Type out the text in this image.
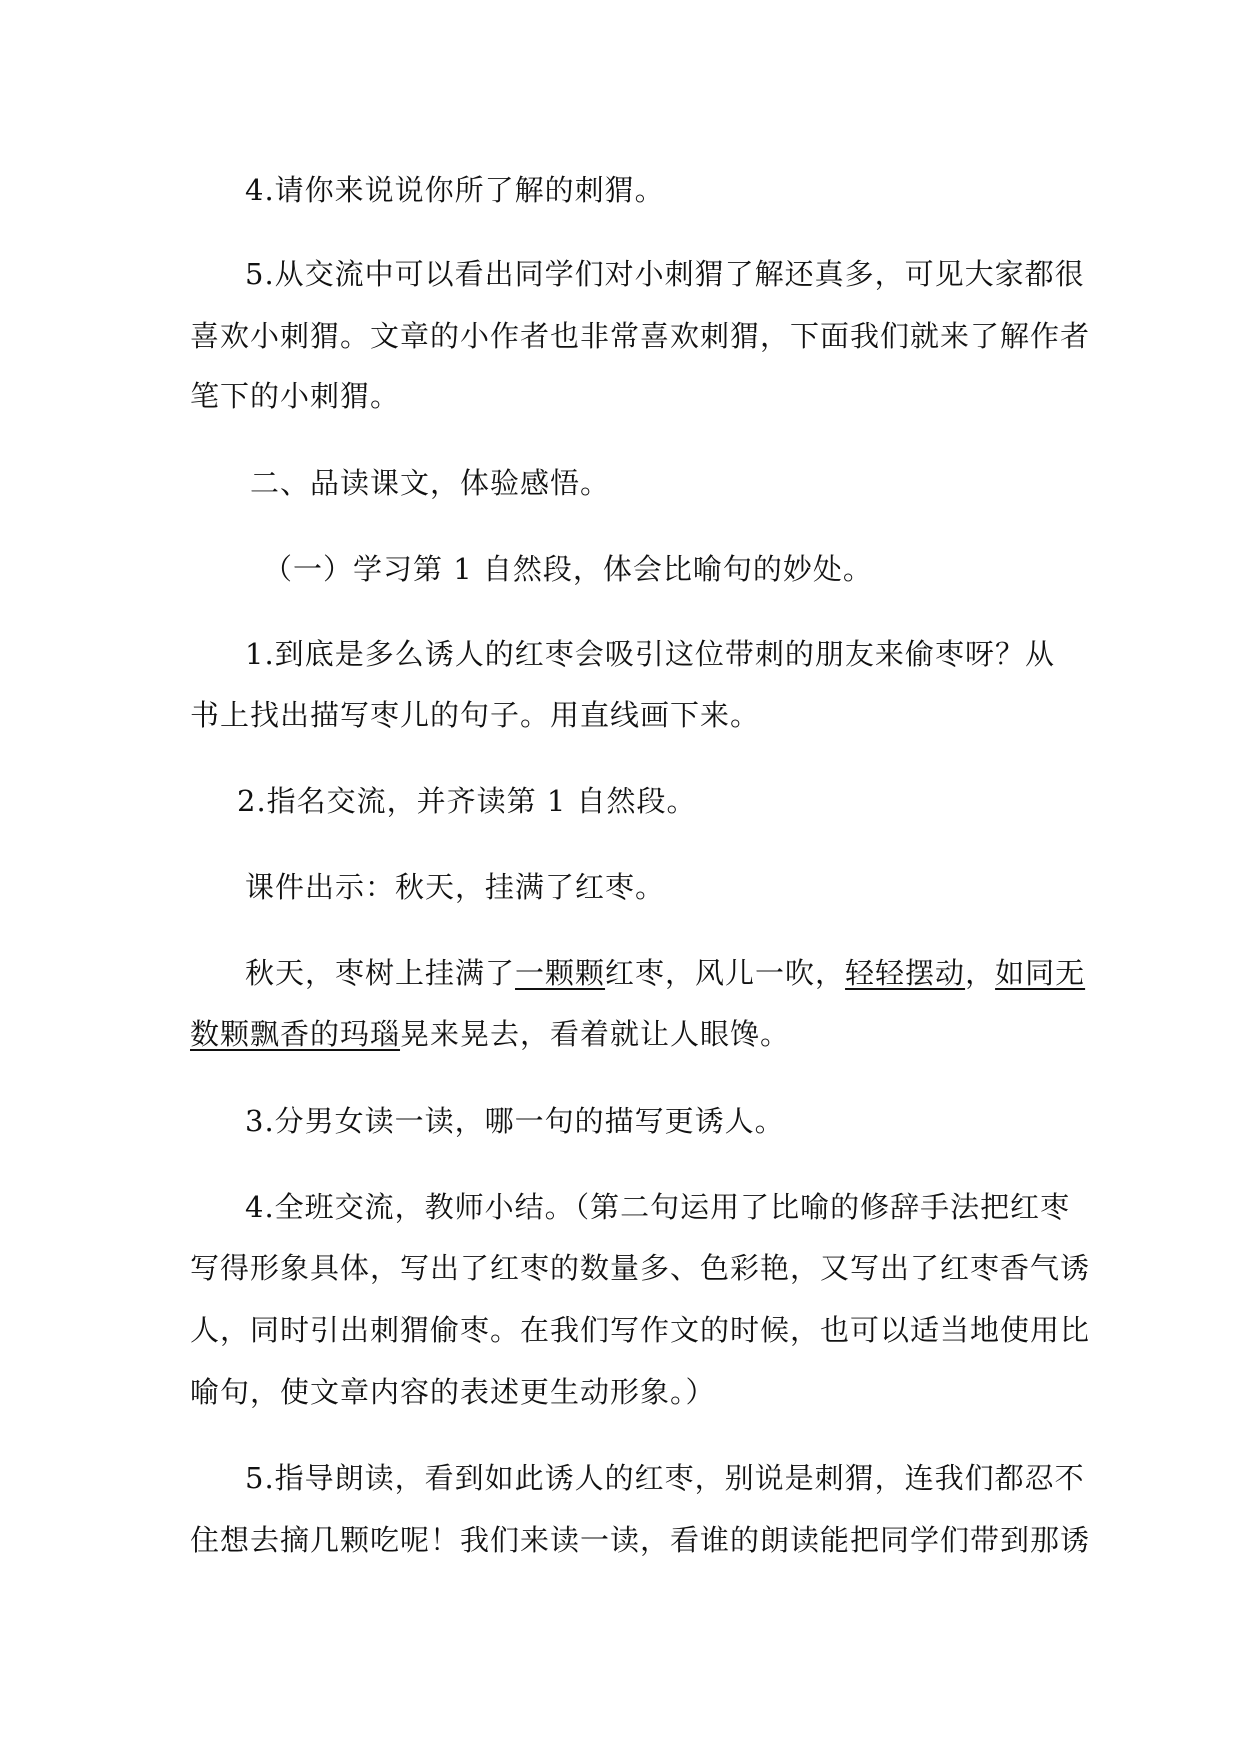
4.请你来说说你所了解的刺猬。
5.从交流中可以看出同学们对小刺猬了解还真多，可见大家都很
喜欢小刺猬。文章的小作者也非常喜欢刺猬，下面我们就来了解作者
笔下的小刺猬。
二、品读课文，体验感悟。
（一）学习第 1 自然段，体会比喻句的妙处。
1.到底是多么诱人的红枣会吸引这位带刺的朋友来偷枣呀？从
书上找出描写枣儿的句子。用直线画下来。
2.指名交流，并齐读第 1 自然段。
课件出示：秋天，挂满了红枣。
秋天，枣树上挂满了一颗颗红枣，风儿一吹，轻轻摆动，如同无
数颗飘香的玛瑙晃来晃去，看着就让人眼馋。
3.分男女读一读，哪一句的描写更诱人。
4.全班交流，教师小结。（第二句运用了比喻的修辞手法把红枣
写得形象具体，写出了红枣的数量多、色彩艳，又写出了红枣香气诱
人，同时引出刺猬偷枣。在我们写作文的时候，也可以适当地使用比
喻句，使文章内容的表述更生动形象。）
5.指导朗读，看到如此诱人的红枣，别说是刺猬，连我们都忍不
住想去摘几颗吃呢！我们来读一读，看谁的朗读能把同学们带到那诱
